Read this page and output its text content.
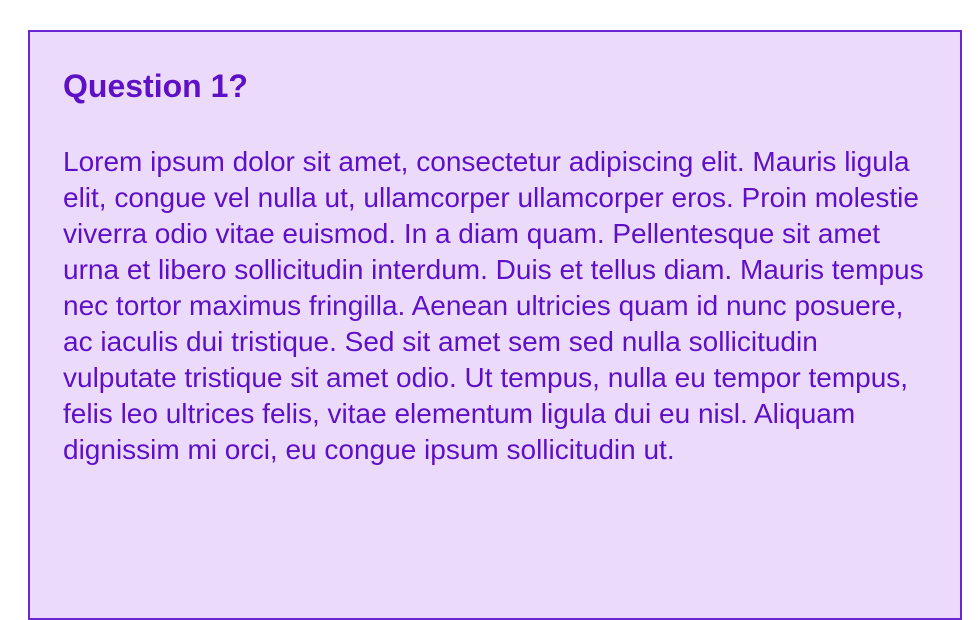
Question 1?

Lorem ipsum dolor sit amet, consectetur adipiscing elit. Mauris ligula elit, congue vel nulla ut, ullamcorper ullamcorper eros. Proin molestie viverra odio vitae euismod. In a diam quam. Pellentesque sit amet urna et libero sollicitudin interdum. Duis et tellus diam. Mauris tempus nec tortor maximus fringilla. Aenean ultricies quam id nunc posuere, ac iaculis dui tristique. Sed sit amet sem sed nulla sollicitudin vulputate tristique sit amet odio. Ut tempus, nulla eu tempor tempus, felis leo ultrices felis, vitae elementum ligula dui eu nisl. Aliquam dignissim mi orci, eu congue ipsum sollicitudin ut.
